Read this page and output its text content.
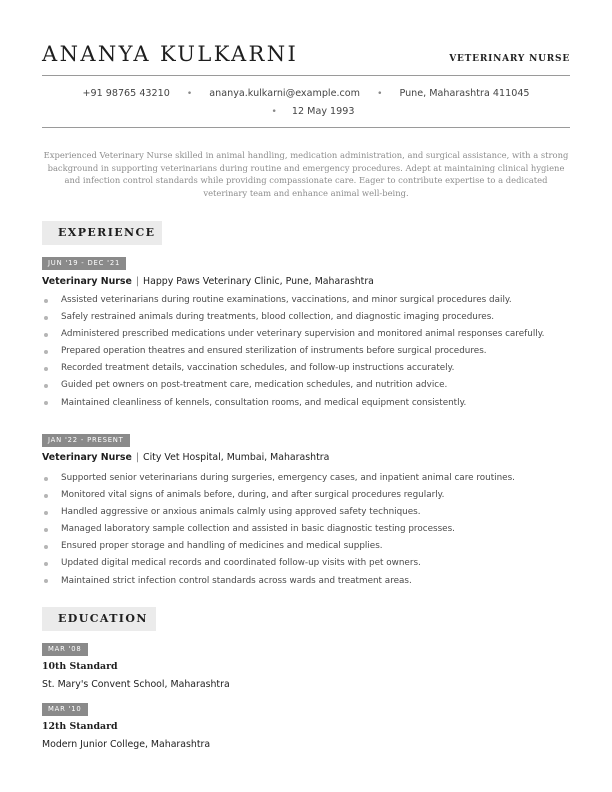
ANANYA KULKARNI	VETERINARY NURSE
+91 98765 43210 • ananya.kulkarni@example.com • Pune, Maharashtra 411045
• 12 May 1993
Experienced Veterinary Nurse skilled in animal handling, medication administration, and surgical assistance, with a strong background in supporting veterinarians during routine and emergency procedures. Adept at maintaining clinical hygiene and infection control standards while providing compassionate care. Eager to contribute expertise to a dedicated veterinary team and enhance animal well-being.
EXPERIENCE
JUN '19 - DEC '21
Veterinary Nurse | Happy Paws Veterinary Clinic, Pune, Maharashtra
Assisted veterinarians during routine examinations, vaccinations, and minor surgical procedures daily.
Safely restrained animals during treatments, blood collection, and diagnostic imaging procedures.
Administered prescribed medications under veterinary supervision and monitored animal responses carefully.
Prepared operation theatres and ensured sterilization of instruments before surgical procedures.
Recorded treatment details, vaccination schedules, and follow-up instructions accurately.
Guided pet owners on post-treatment care, medication schedules, and nutrition advice.
Maintained cleanliness of kennels, consultation rooms, and medical equipment consistently.
JAN '22 - PRESENT
Veterinary Nurse | City Vet Hospital, Mumbai, Maharashtra
Supported senior veterinarians during surgeries, emergency cases, and inpatient animal care routines.
Monitored vital signs of animals before, during, and after surgical procedures regularly.
Handled aggressive or anxious animals calmly using approved safety techniques.
Managed laboratory sample collection and assisted in basic diagnostic testing processes.
Ensured proper storage and handling of medicines and medical supplies.
Updated digital medical records and coordinated follow-up visits with pet owners.
Maintained strict infection control standards across wards and treatment areas.
EDUCATION
MAR '08
10th Standard
St. Mary's Convent School, Maharashtra
MAR '10
12th Standard
Modern Junior College, Maharashtra
